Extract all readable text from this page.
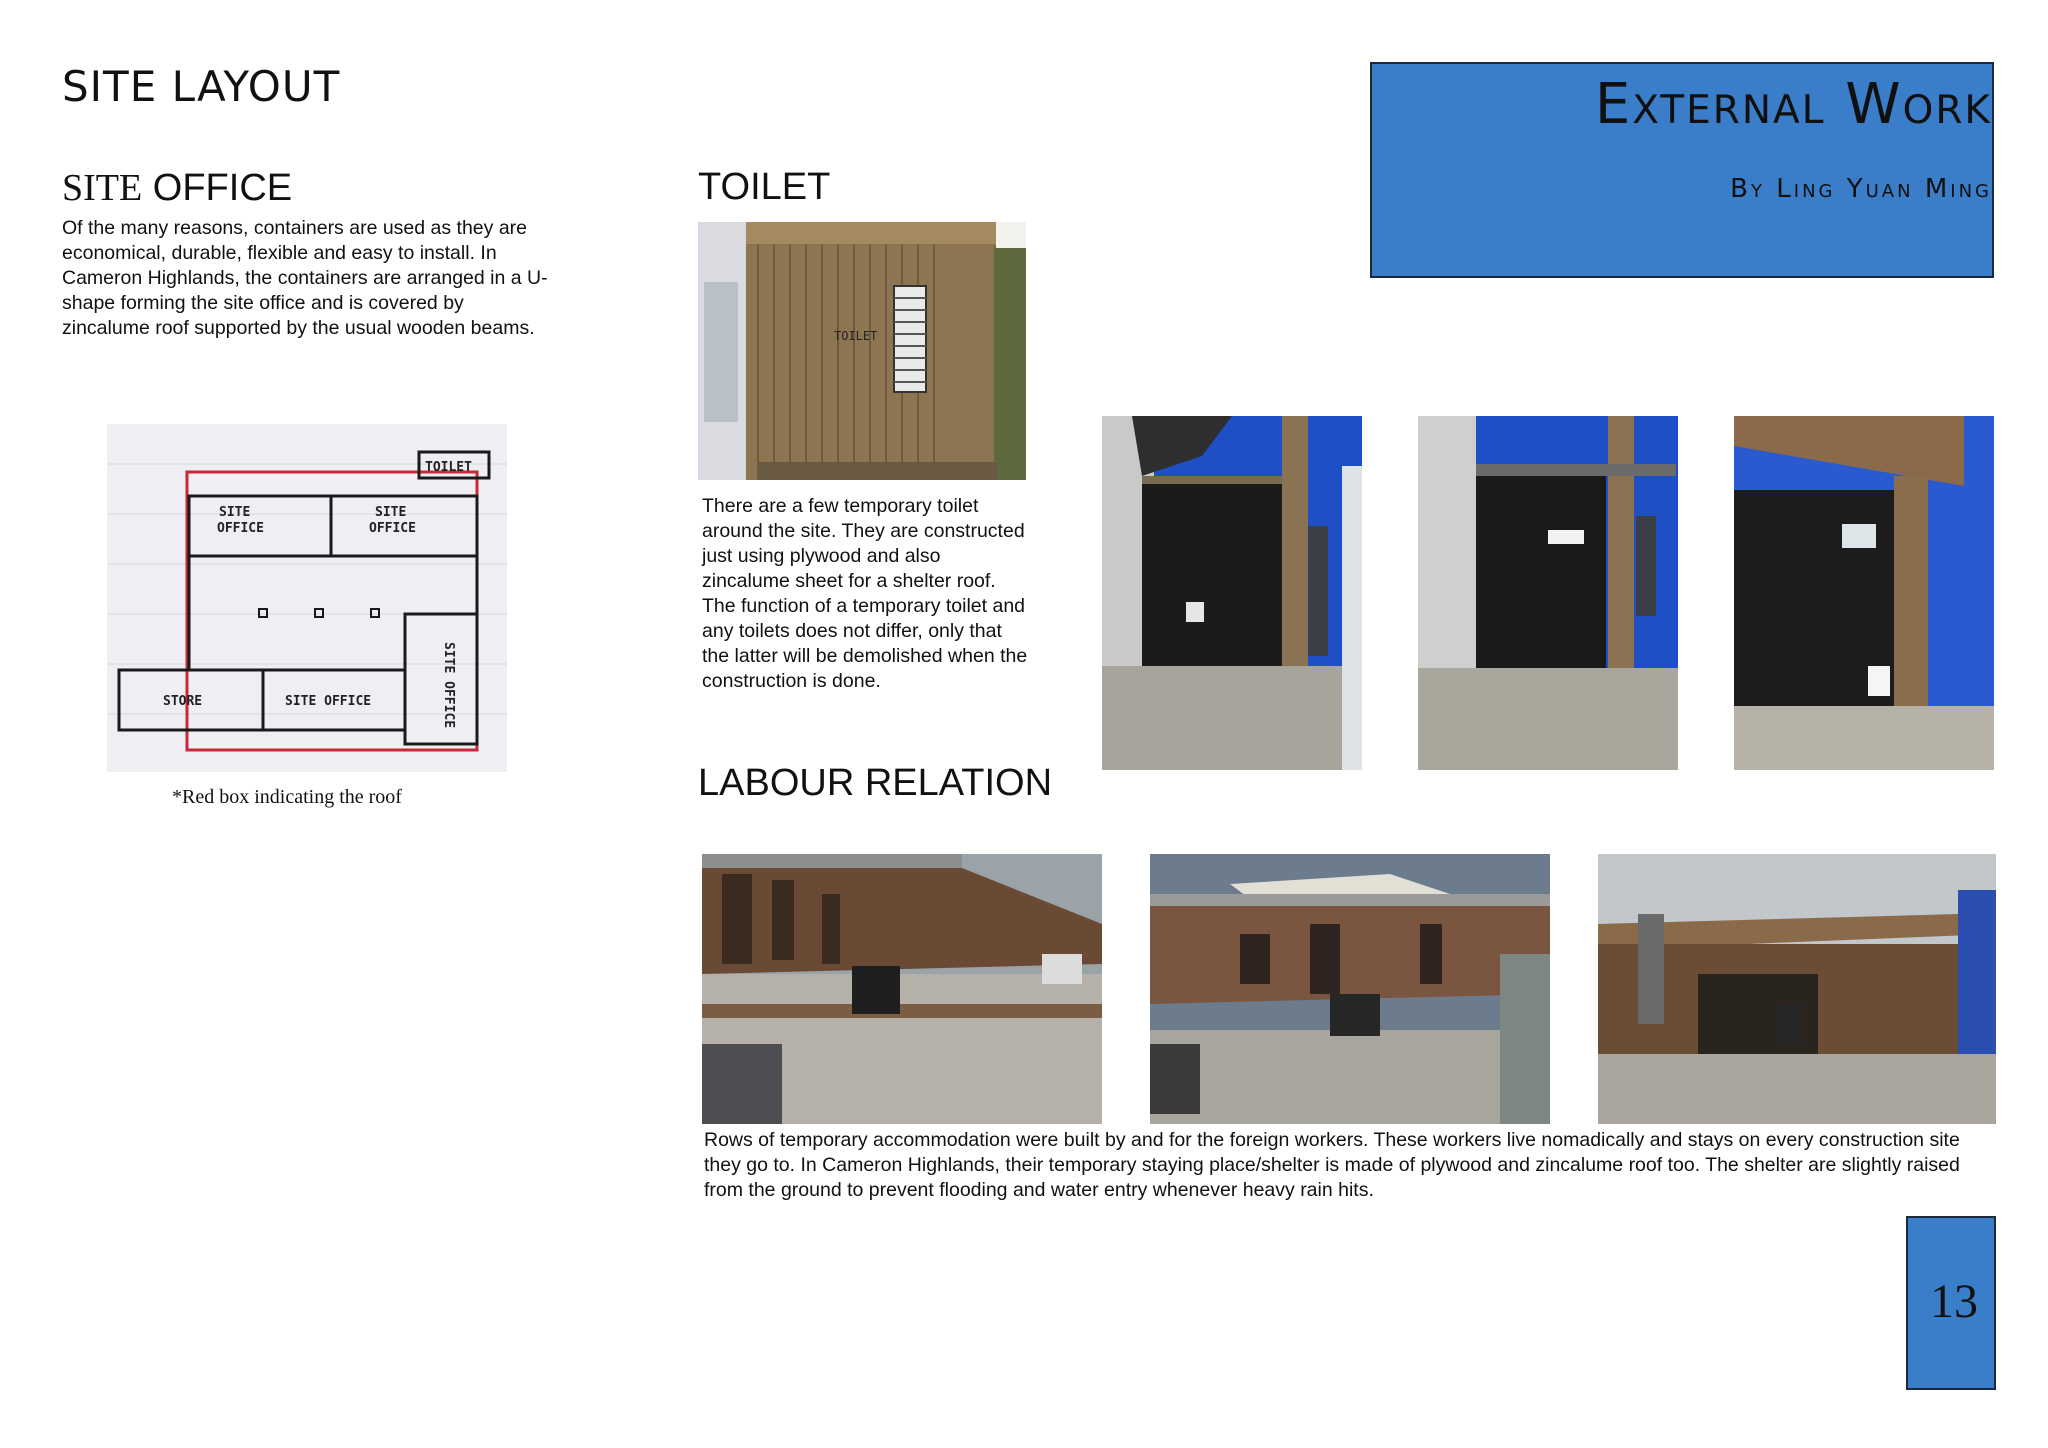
SITE LAYOUT	External Work
By Ling Yuan Ming
SITE OFFICE
Of the many reasons, containers are used as they are economical, durable, flexible and easy to install. In Cameron Highlands, the containers are arranged in a U-shape forming the site office and is covered by zincalume roof supported by the usual wooden beams.
TOILET
SITE
OFFICE
SITE
OFFICE
STORE	SITE OFFICE	SITE OFFICE
*Red box indicating the roof
TOILET
TOILET
There are a few temporary toilet around the site. They are constructed just using plywood and also zincalume sheet for a shelter roof. The function of a temporary toilet and any toilets does not differ, only that the latter will be demolished when the construction is done.
LABOUR RELATION
Rows of temporary accommodation were built by and for the foreign workers. These workers live nomadically and stays on every construction site they go to. In Cameron Highlands, their temporary staying place/shelter is made of plywood and zincalume roof too. The shelter are slightly raised from the ground to prevent flooding and water entry whenever heavy rain hits.
13
